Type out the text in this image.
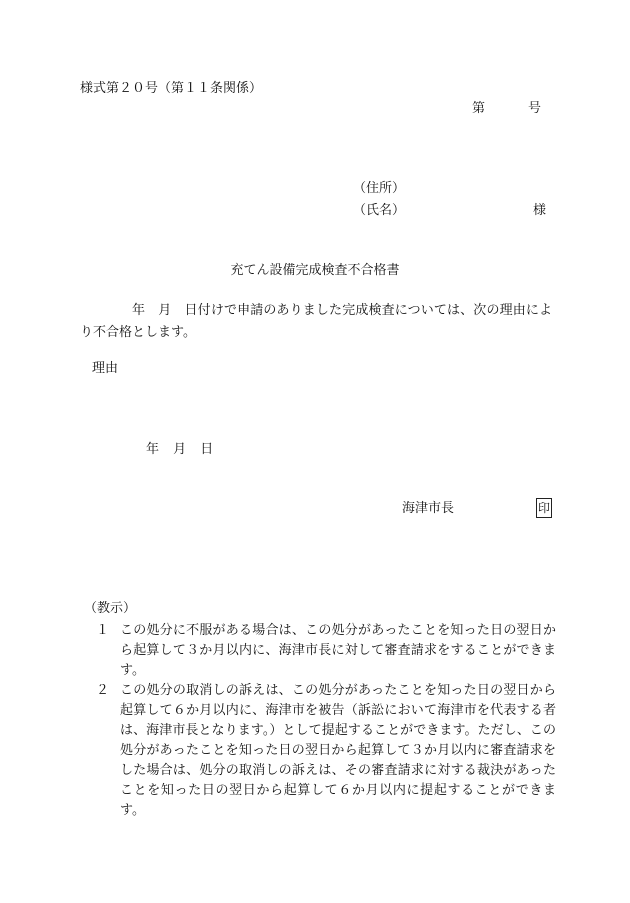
様式第２０号（第１１条関係）
第	号
（住所）
（氏名）	様
充てん設備完成検査不合格書
年　月　日付けで申請のありました完成検査については、次の理由により不合格とします。
理由
年 月 日
海津市長	印
（教示）
１ この処分に不服がある場合は、この処分があったことを知った日の翌日から起算して３か月以内に、海津市長に対して審査請求をすることができます。
２ この処分の取消しの訴えは、この処分があったことを知った日の翌日から起算して６か月以内に、海津市を被告（訴訟において海津市を代表する者は、海津市長となります。）として提起することができます。ただし、この処分があったことを知った日の翌日から起算して３か月以内に審査請求をした場合は、処分の取消しの訴えは、その審査請求に対する裁決があったことを知った日の翌日から起算して６か月以内に提起することができます。
